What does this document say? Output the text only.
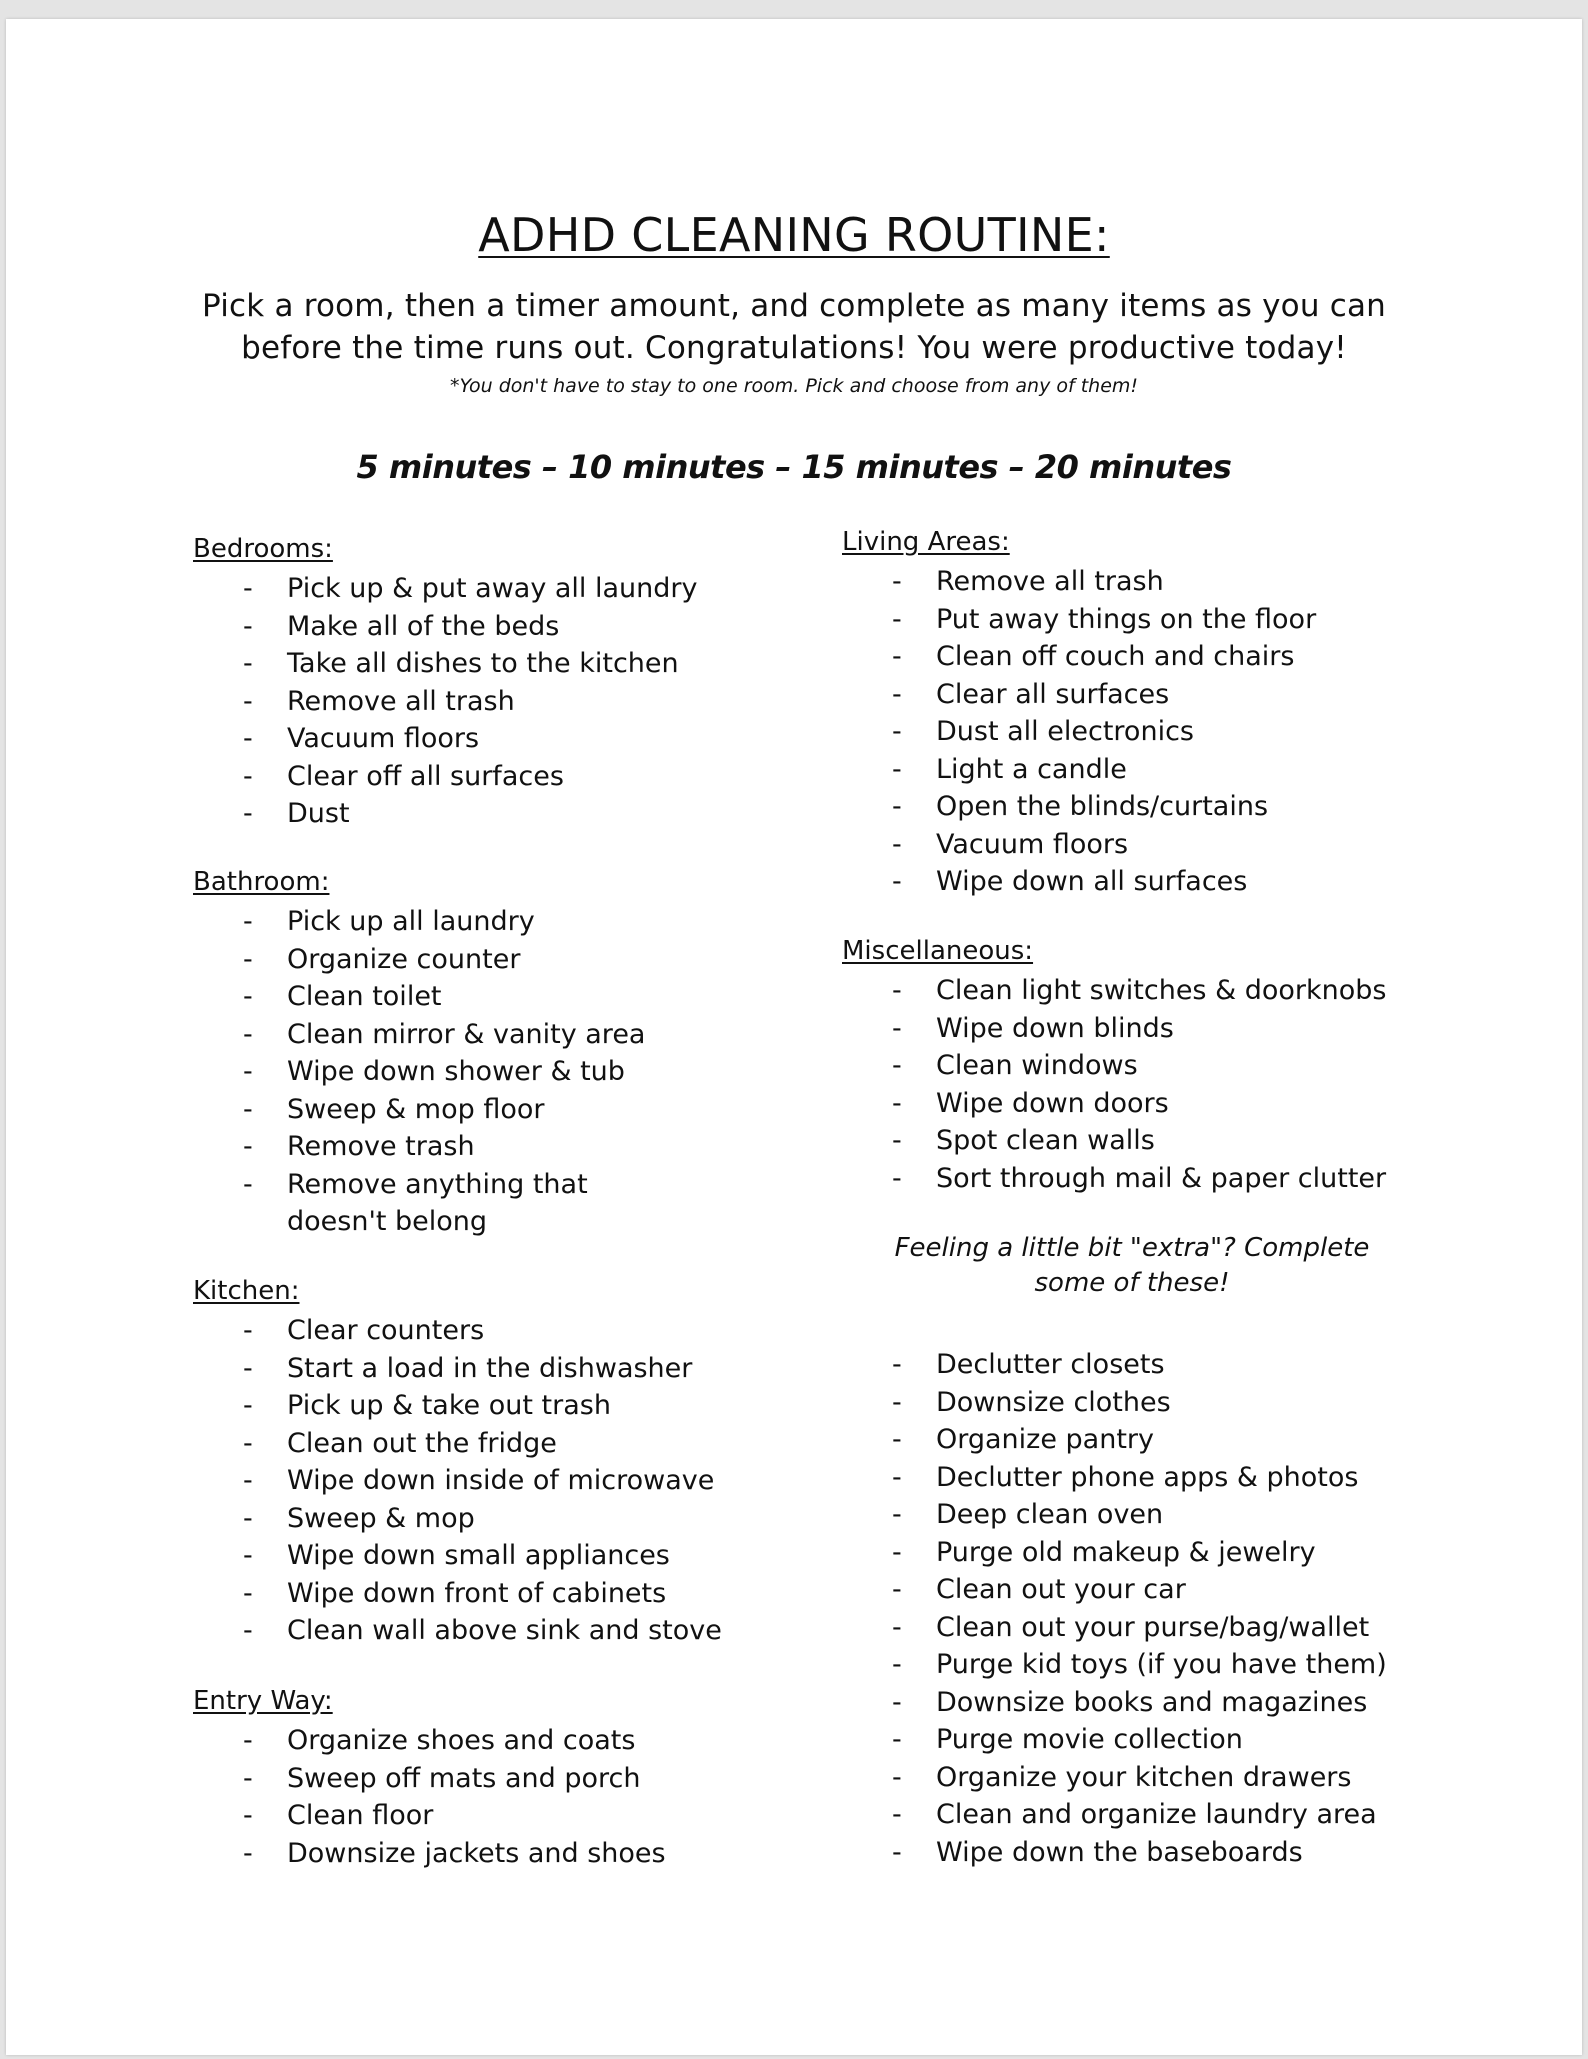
ADHD CLEANING ROUTINE:
Pick a room, then a timer amount, and complete as many items as you can
before the time runs out. Congratulations! You were productive today!
*You don't have to stay to one room. Pick and choose from any of them!
5 minutes – 10 minutes – 15 minutes – 20 minutes
Bedrooms:
- Pick up & put away all laundry
- Make all of the beds
- Take all dishes to the kitchen
- Remove all trash
- Vacuum floors
- Clear off all surfaces
- Dust
Bathroom:
- Pick up all laundry
- Organize counter
- Clean toilet
- Clean mirror & vanity area
- Wipe down shower & tub
- Sweep & mop floor
- Remove trash
- Remove anything that doesn't belong
Kitchen:
- Clear counters
- Start a load in the dishwasher
- Pick up & take out trash
- Clean out the fridge
- Wipe down inside of microwave
- Sweep & mop
- Wipe down small appliances
- Wipe down front of cabinets
- Clean wall above sink and stove
Entry Way:
- Organize shoes and coats
- Sweep off mats and porch
- Clean floor
- Downsize jackets and shoes
Living Areas:
- Remove all trash
- Put away things on the floor
- Clean off couch and chairs
- Clear all surfaces
- Dust all electronics
- Light a candle
- Open the blinds/curtains
- Vacuum floors
- Wipe down all surfaces
Miscellaneous:
- Clean light switches & doorknobs
- Wipe down blinds
- Clean windows
- Wipe down doors
- Spot clean walls
- Sort through mail & paper clutter
Feeling a little bit "extra"? Complete
some of these!
- Declutter closets
- Downsize clothes
- Organize pantry
- Declutter phone apps & photos
- Deep clean oven
- Purge old makeup & jewelry
- Clean out your car
- Clean out your purse/bag/wallet
- Purge kid toys (if you have them)
- Downsize books and magazines
- Purge movie collection
- Organize your kitchen drawers
- Clean and organize laundry area
- Wipe down the baseboards
